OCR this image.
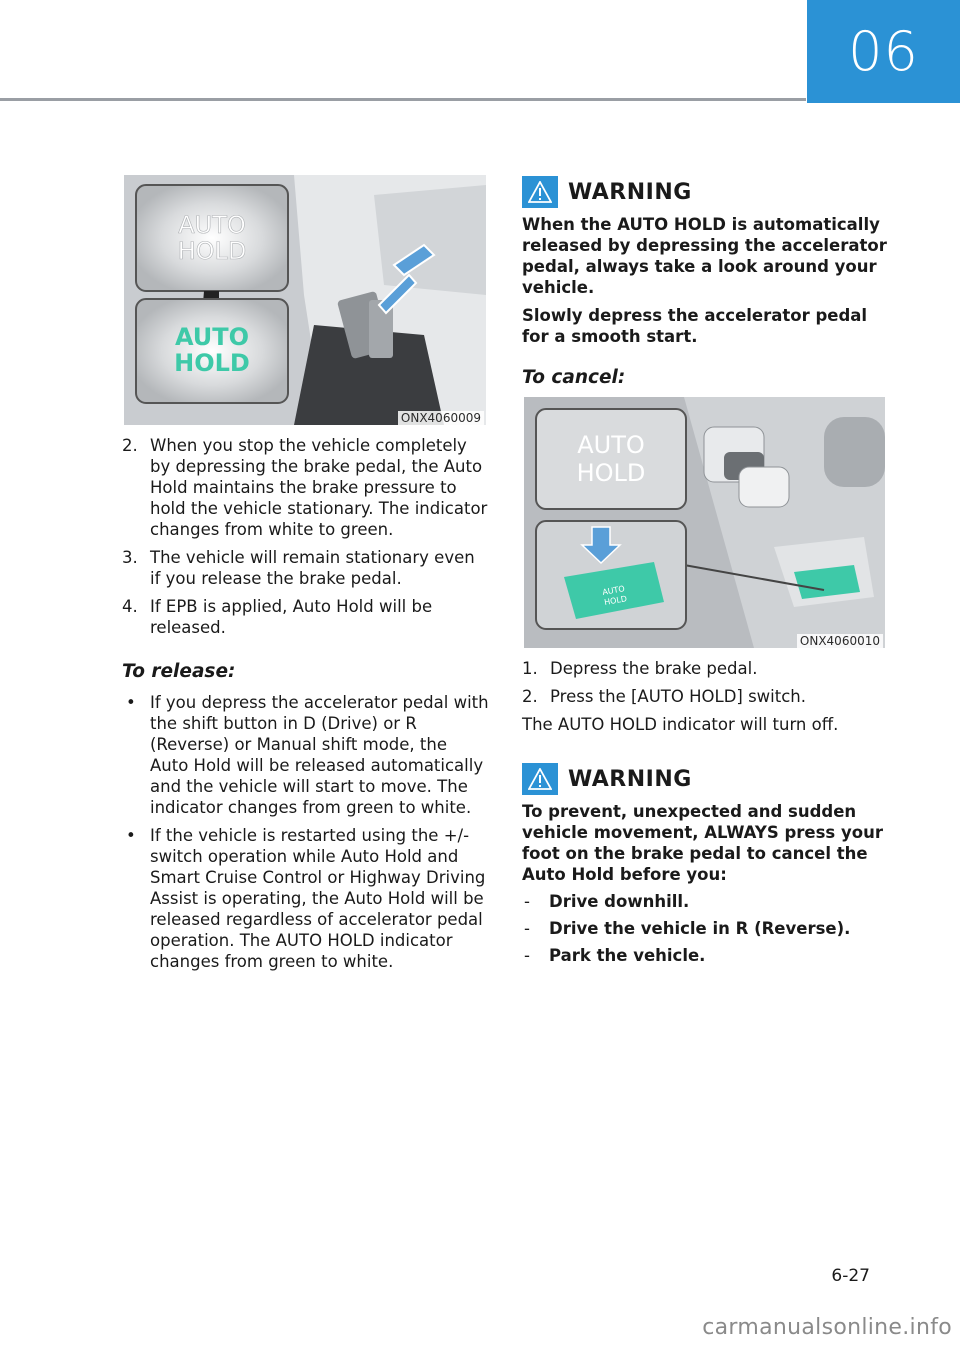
06
AUTO
HOLD
AUTO
HOLD
ONX4060009
2. When you stop the vehicle completely by depressing the brake pedal, the Auto Hold maintains the brake pressure to hold the vehicle stationary. The indicator changes from white to green.
3. The vehicle will remain stationary even if you release the brake pedal.
4. If EPB is applied, Auto Hold will be released.
To release:
• If you depress the accelerator pedal with the shift button in D (Drive) or R (Reverse) or Manual shift mode, the Auto Hold will be released automatically and the vehicle will start to move. The indicator changes from green to white.
• If the vehicle is restarted using the +/- switch operation while Auto Hold and Smart Cruise Control or Highway Driving Assist is operating, the Auto Hold will be released regardless of accelerator pedal operation. The AUTO HOLD indicator changes from green to white.
WARNING
When the AUTO HOLD is automatically released by depressing the accelerator pedal, always take a look around your vehicle.
Slowly depress the accelerator pedal for a smooth start.
To cancel:
AUTO
HOLD
AUTO
HOLD
ONX4060010
1. Depress the brake pedal.
2. Press the [AUTO HOLD] switch.
The AUTO HOLD indicator will turn off.
WARNING
To prevent, unexpected and sudden vehicle movement, ALWAYS press your foot on the brake pedal to cancel the Auto Hold before you:
-	Drive downhill.
-	Drive the vehicle in R (Reverse).
-	Park the vehicle.
6-27
carmanualsonline.info
